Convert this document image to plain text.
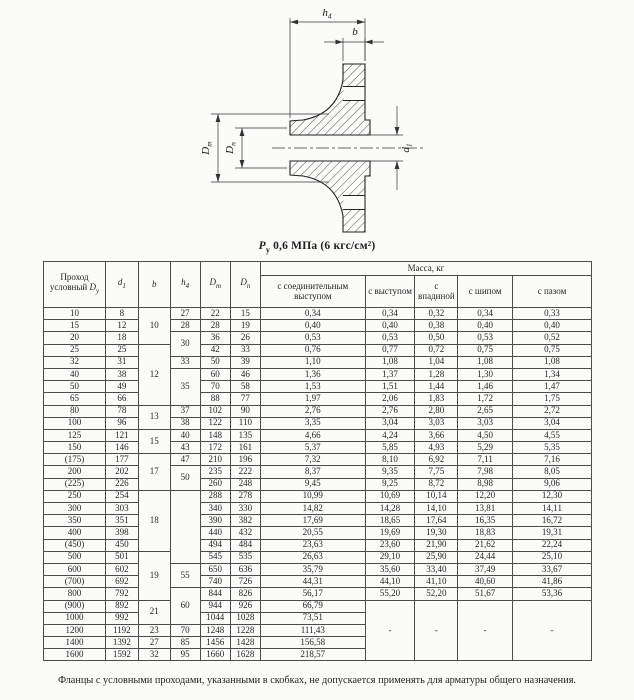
$h_4$
b
$D_m$
$D_n$
$d_1$
$P_у$ 0,6 МПа (6 кгс/см²)
Проход условный $D_у$	$d_1$	b	$h_4$	$D_m$	$D_n$	Масса, кг				
						с соединительным выступом	с выступом	с впадиной	с шипом	с пазом
10	8	10	27	22	15	0,34	0,34	0,32	0,34	0,33
15	12		28	28	19	0,40	0,40	0,38	0,40	0,40
20	18		30	36	26	0,53	0,53	0,50	0,53	0,52
25	25	12		42	33	0,76	0,77	0,72	0,75	0,75
32	31		33	50	39	1,10	1,08	1,04	1,08	1,08
40	38		35	60	46	1,36	1,37	1,28	1,30	1,34
50	49			70	58	1,53	1,51	1,44	1,46	1,47
65	66			88	77	1,97	2,06	1,83	1,72	1,75
80	78	13	37	102	90	2,76	2,76	2,80	2,65	2,72
100	96		38	122	110	3,35	3,04	3,03	3,03	3,04
125	121	15	40	148	135	4,66	4,24	3,66	4,50	4,55
150	146		43	172	161	5,37	5,85	4,93	5,29	5,35
(175)	177	17	47	210	196	7,32	8,10	6,92	7,11	7,16
200	202		50	235	222	8,37	9,35	7,75	7,98	8,05
(225)	226			260	248	9,45	9,25	8,72	8,98	9,06
250	254	18		288	278	10,99	10,69	10,14	12,20	12,30
300	303			340	330	14,82	14,28	14,10	13,81	14,11
350	351			390	382	17,69	18,65	17,64	16,35	16,72
400	398			440	432	20,55	19,69	19,30	18,83	19,31
(450)	450			494	484	23,63	23,60	21,90	21,62	22,24
500	501	19		545	535	26,63	29,10	25,90	24,44	25,10
600	602		55	650	636	35,79	35,60	33,40	37,49	33,67
(700)	692			740	726	44,31	44,10	41,10	40,60	41,86
800	792		60	844	826	56,17	55,20	52,20	51,67	53,36
(900)	892	21		944	926	66,79	-	-	-	-
1000	992			1044	1028	73,51				
1200	1192	23	70	1248	1228	111,43				
1400	1392	27	85	1456	1428	156,58				
1600	1592	32	95	1660	1628	218,57				
Фланцы с условными проходами, указанными в скобках, не допускается применять для арматуры общего назначения.
